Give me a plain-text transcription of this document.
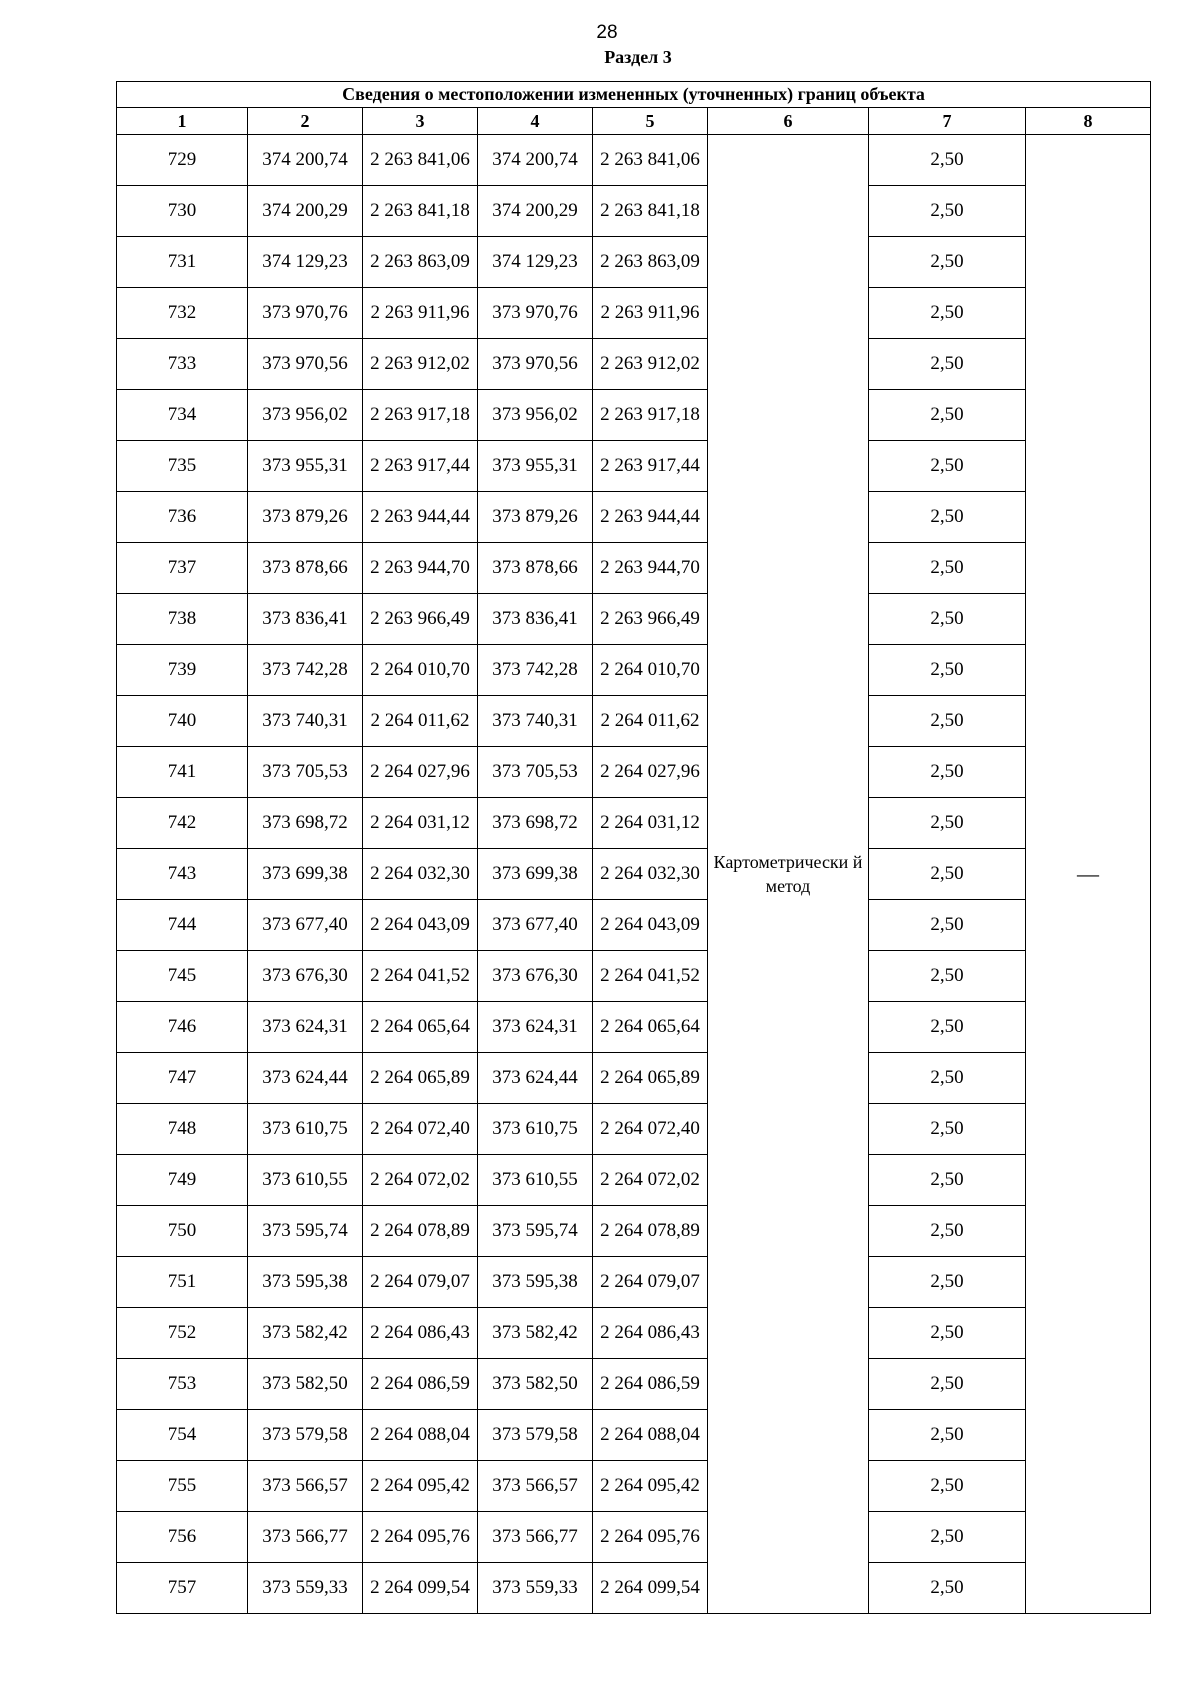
28
Раздел 3
Сведения о местоположении измененных (уточненных) границ объекта							
1	2	3	4	5	6	7	8
729	374 200,74	2 263 841,06	374 200,74	2 263 841,06	Картометрически й метод	2,50	—
730	374 200,29	2 263 841,18	374 200,29	2 263 841,18		2,50	
731	374 129,23	2 263 863,09	374 129,23	2 263 863,09		2,50	
732	373 970,76	2 263 911,96	373 970,76	2 263 911,96		2,50	
733	373 970,56	2 263 912,02	373 970,56	2 263 912,02		2,50	
734	373 956,02	2 263 917,18	373 956,02	2 263 917,18		2,50	
735	373 955,31	2 263 917,44	373 955,31	2 263 917,44		2,50	
736	373 879,26	2 263 944,44	373 879,26	2 263 944,44		2,50	
737	373 878,66	2 263 944,70	373 878,66	2 263 944,70		2,50	
738	373 836,41	2 263 966,49	373 836,41	2 263 966,49		2,50	
739	373 742,28	2 264 010,70	373 742,28	2 264 010,70		2,50	
740	373 740,31	2 264 011,62	373 740,31	2 264 011,62		2,50	
741	373 705,53	2 264 027,96	373 705,53	2 264 027,96		2,50	
742	373 698,72	2 264 031,12	373 698,72	2 264 031,12		2,50	
743	373 699,38	2 264 032,30	373 699,38	2 264 032,30		2,50	
744	373 677,40	2 264 043,09	373 677,40	2 264 043,09		2,50	
745	373 676,30	2 264 041,52	373 676,30	2 264 041,52		2,50	
746	373 624,31	2 264 065,64	373 624,31	2 264 065,64		2,50	
747	373 624,44	2 264 065,89	373 624,44	2 264 065,89		2,50	
748	373 610,75	2 264 072,40	373 610,75	2 264 072,40		2,50	
749	373 610,55	2 264 072,02	373 610,55	2 264 072,02		2,50	
750	373 595,74	2 264 078,89	373 595,74	2 264 078,89		2,50	
751	373 595,38	2 264 079,07	373 595,38	2 264 079,07		2,50	
752	373 582,42	2 264 086,43	373 582,42	2 264 086,43		2,50	
753	373 582,50	2 264 086,59	373 582,50	2 264 086,59		2,50	
754	373 579,58	2 264 088,04	373 579,58	2 264 088,04		2,50	
755	373 566,57	2 264 095,42	373 566,57	2 264 095,42		2,50	
756	373 566,77	2 264 095,76	373 566,77	2 264 095,76		2,50	
757	373 559,33	2 264 099,54	373 559,33	2 264 099,54		2,50	
